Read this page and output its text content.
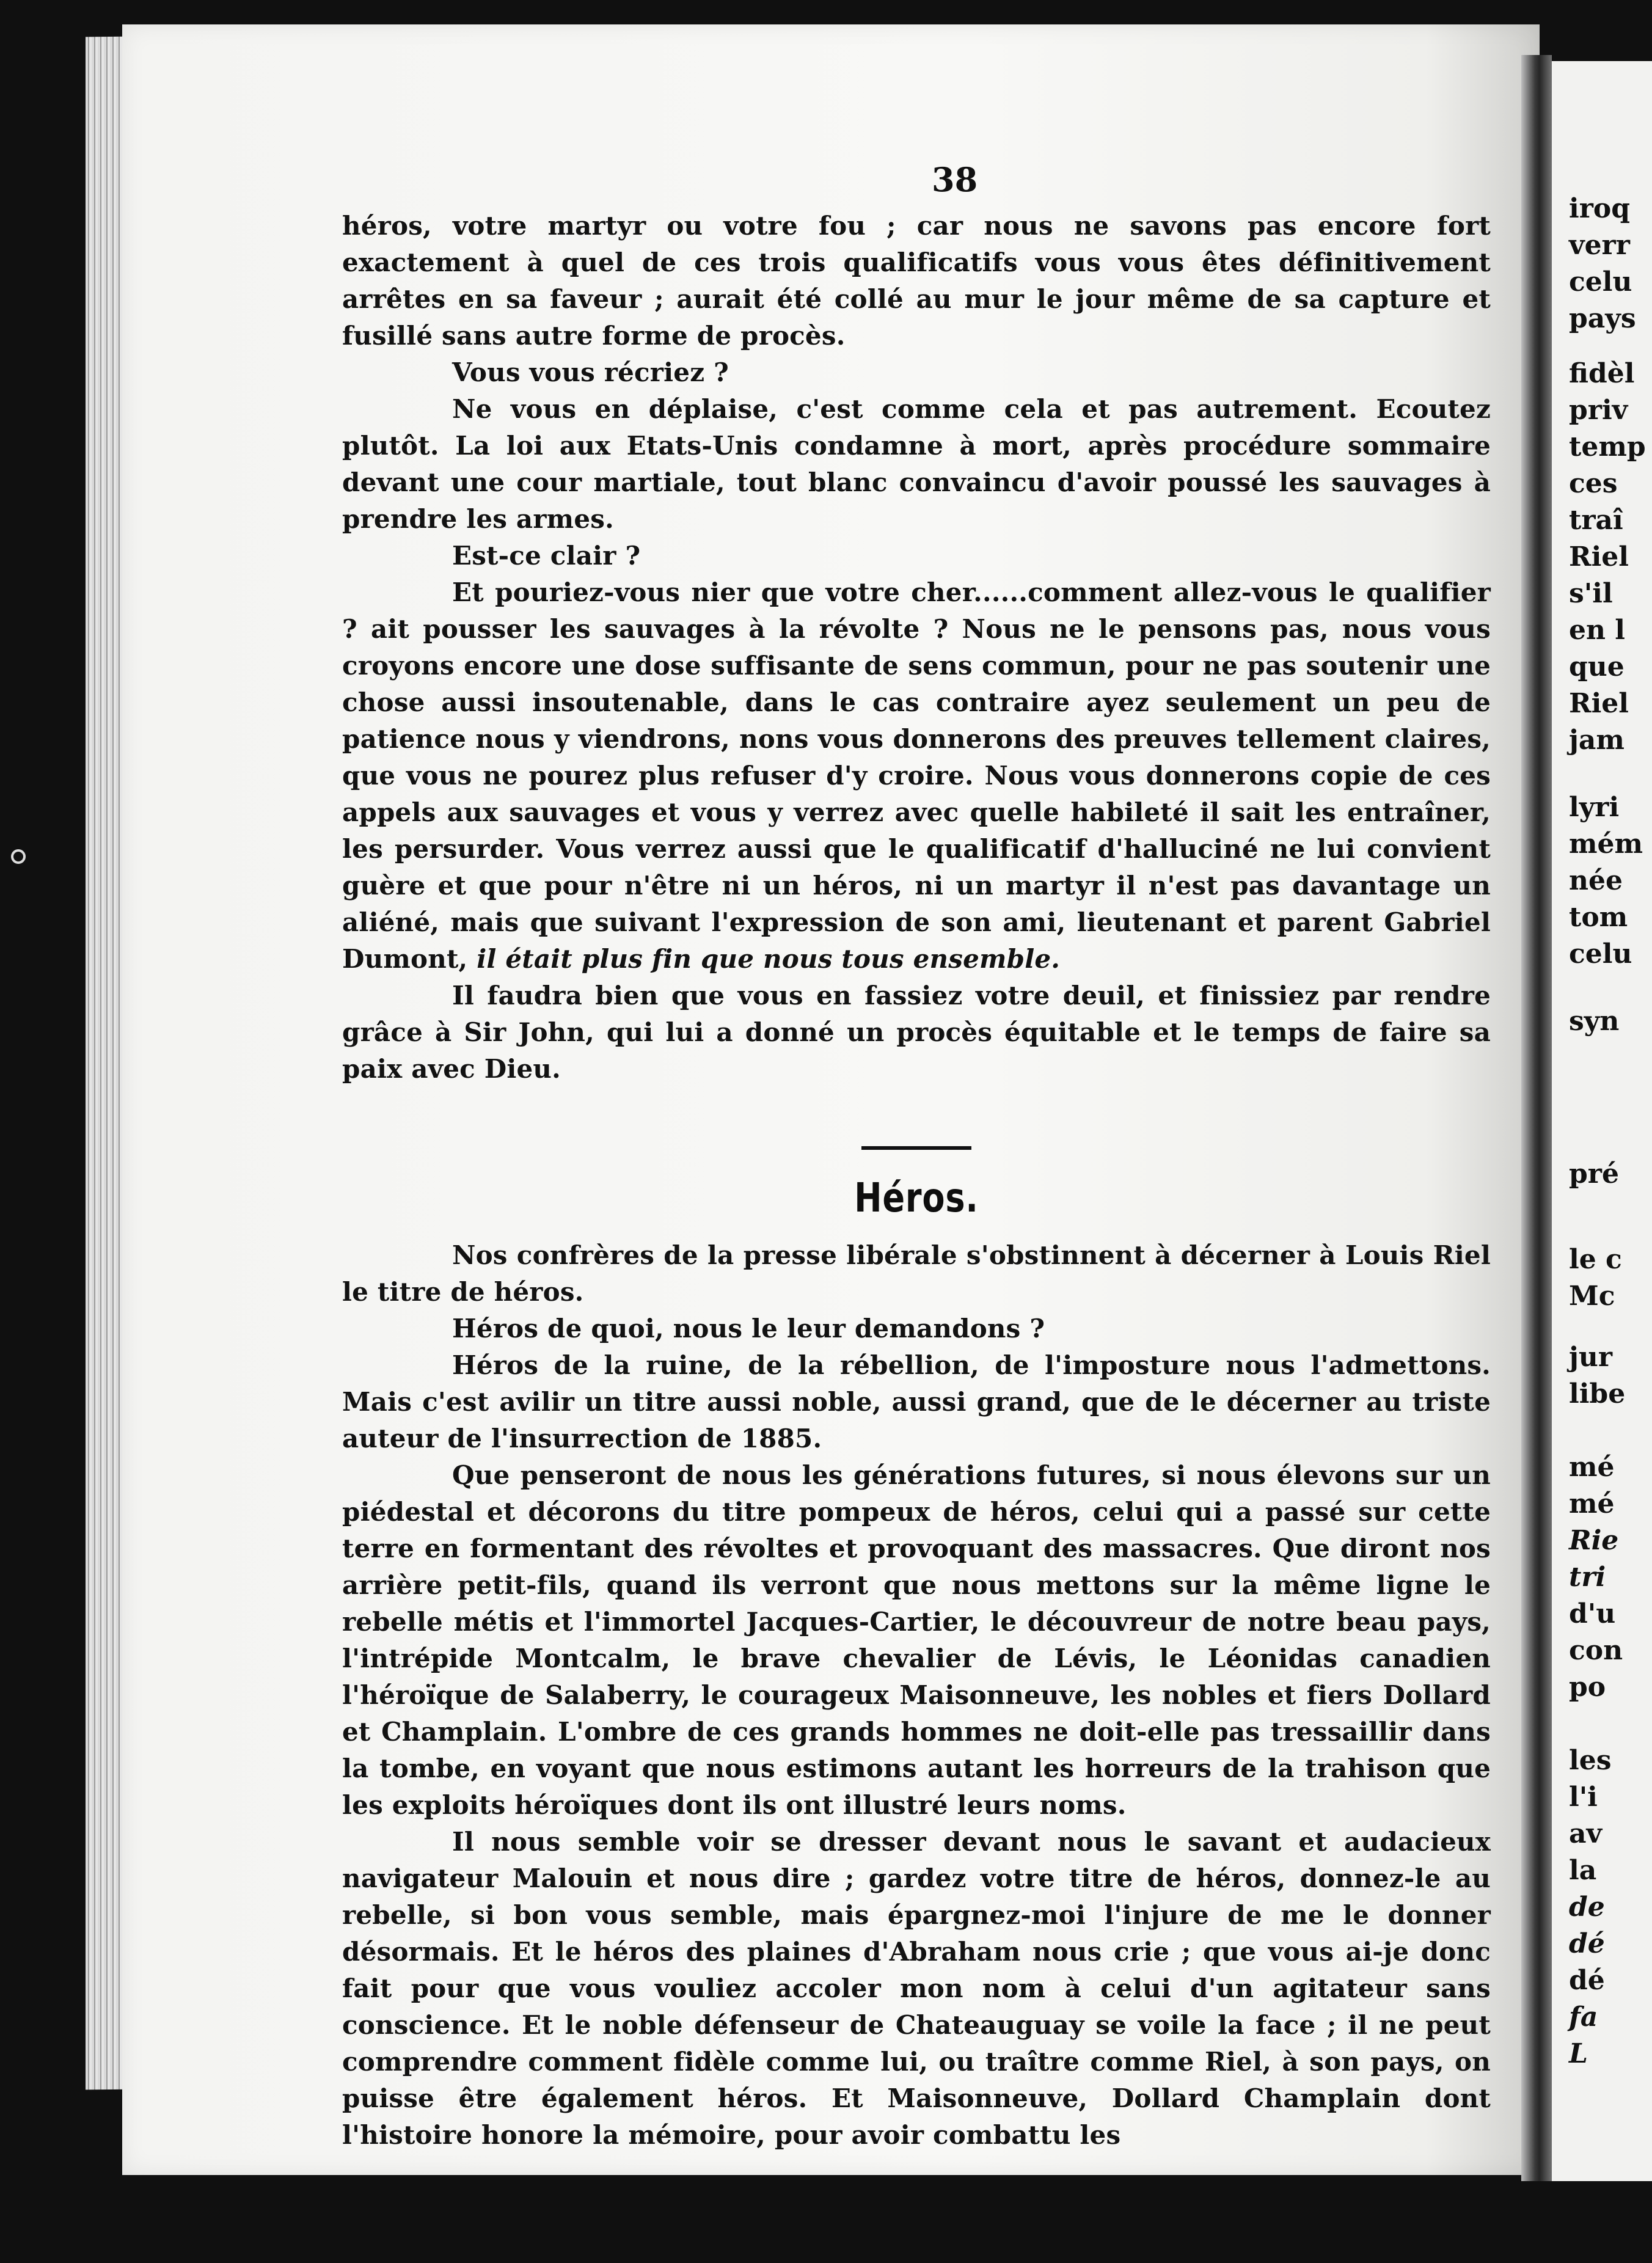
iroq
verr
celu
pays
fidèl
priv
temp
ces
traî
Riel
s'il
en l
que
Riel
jam
lyri
mém
née
tom
celu
syn
pré
le c
Mc
jur
libe
mé
mé
Rie
tri
d'u
con
po
les
l'i
av
la
de
dé
dé
fa
L
38

héros, votre martyr ou votre fou ; car nous ne savons pas encore fort exactement à quel de ces trois qualificatifs vous vous êtes définitivement arrêtes en sa faveur ; aurait été collé au mur le jour même de sa capture et fusillé sans autre forme de procès.

Vous vous récriez ?

Ne vous en déplaise, c'est comme cela et pas autrement. Ecoutez plutôt. La loi aux Etats-Unis condamne à mort, après procédure sommaire devant une cour martiale, tout blanc convaincu d'avoir poussé les sauvages à prendre les armes.

Est-ce clair ?

Et pouriez-vous nier que votre cher......comment allez-vous le qualifier ? ait pousser les sauvages à la révolte ? Nous ne le pensons pas, nous vous croyons encore une dose suffisante de sens commun, pour ne pas soutenir une chose aussi insoutenable, dans le cas contraire ayez seulement un peu de patience nous y viendrons, nons vous donnerons des preuves tellement claires, que vous ne pourez plus refuser d'y croire. Nous vous donnerons copie de ces appels aux sauvages et vous y verrez avec quelle habileté il sait les entraîner, les persurder. Vous verrez aussi que le qualificatif d'halluciné ne lui convient guère et que pour n'être ni un héros, ni un martyr il n'est pas davantage un aliéné, mais que suivant l'expression de son ami, lieutenant et parent Gabriel Dumont, il était plus fin que nous tous ensemble.

Il faudra bien que vous en fassiez votre deuil, et finissiez par rendre grâce à Sir John, qui lui a donné un procès équitable et le temps de faire sa paix avec Dieu.

Héros.

Nos confrères de la presse libérale s'obstinnent à décerner à Louis Riel le titre de héros.

Héros de quoi, nous le leur demandons ?

Héros de la ruine, de la rébellion, de l'imposture nous l'admettons. Mais c'est avilir un titre aussi noble, aussi grand, que de le décerner au triste auteur de l'insurrection de 1885.

Que penseront de nous les générations futures, si nous élevons sur un piédestal et décorons du titre pompeux de héros, celui qui a passé sur cette terre en formentant des révoltes et provoquant des massacres. Que diront nos arrière petit-fils, quand ils verront que nous mettons sur la même ligne le rebelle métis et l'immortel Jacques-Cartier, le découvreur de notre beau pays, l'intrépide Montcalm, le brave chevalier de Lévis, le Léonidas canadien l'héroïque de Salaberry, le courageux Maisonneuve, les nobles et fiers Dollard et Champlain. L'ombre de ces grands hommes ne doit-elle pas tressaillir dans la tombe, en voyant que nous estimons autant les horreurs de la trahison que les exploits héroïques dont ils ont illustré leurs noms.

Il nous semble voir se dresser devant nous le savant et audacieux navigateur Malouin et nous dire ; gardez votre titre de héros, donnez-le au rebelle, si bon vous semble, mais épargnez-moi l'injure de me le donner désormais. Et le héros des plaines d'Abraham nous crie ; que vous ai-je donc fait pour que vous vouliez accoler mon nom à celui d'un agitateur sans conscience. Et le noble défenseur de Chateauguay se voile la face ; il ne peut comprendre comment fidèle comme lui, ou traître comme Riel, à son pays, on puisse être également héros. Et Maisonneuve, Dollard Champlain dont l'histoire honore la mémoire, pour avoir combattu les
